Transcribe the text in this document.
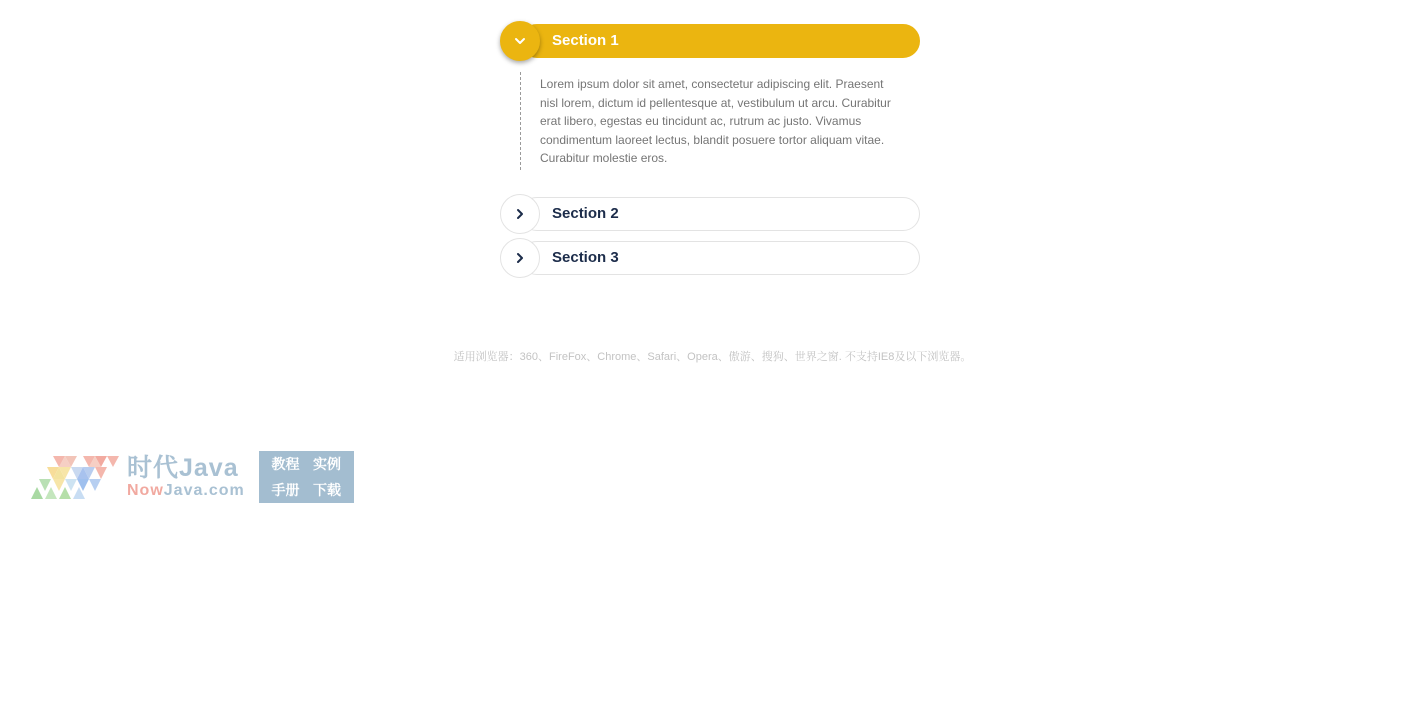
Section 1
Lorem ipsum dolor sit amet, consectetur adipiscing elit. Praesent nisl lorem, dictum id pellentesque at, vestibulum ut arcu. Curabitur erat libero, egestas eu tincidunt ac, rutrum ac justo. Vivamus condimentum laoreet lectus, blandit posuere tortor aliquam vitae. Curabitur molestie eros.
Section 2
Section 3
适用浏览器：360、FireFox、Chrome、Safari、Opera、傲游、搜狗、世界之窗. 不支持IE8及以下浏览器。
时代Java
NowJava.com
教程 实例
手册 下载
